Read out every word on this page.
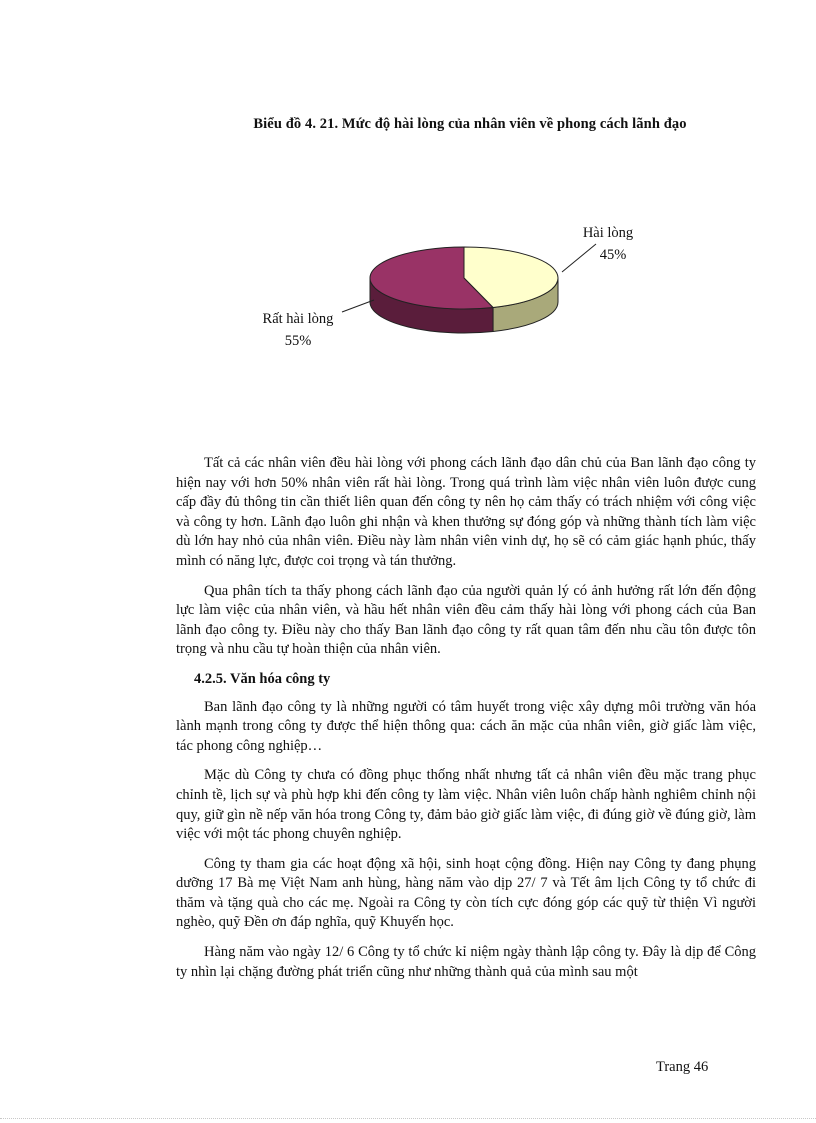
Biểu đồ 4. 21. Mức độ hài lòng của nhân viên về phong cách lãnh đạo
Hài lòng
45%
Rất hài lòng
55%

Tất cả các nhân viên đều hài lòng với phong cách lãnh đạo dân chủ của Ban lãnh đạo công ty hiện nay với hơn 50% nhân viên rất hài lòng. Trong quá trình làm việc nhân viên luôn được cung cấp đầy đủ thông tin cần thiết liên quan đến công ty nên họ cảm thấy có trách nhiệm với công việc và công ty hơn. Lãnh đạo luôn ghi nhận và khen thưởng sự đóng góp và những thành tích làm việc dù lớn hay nhỏ của nhân viên. Điều này làm nhân viên vinh dự, họ sẽ có cảm giác hạnh phúc, thấy mình có năng lực, được coi trọng và tán thưởng.

Qua phân tích ta thấy phong cách lãnh đạo của người quản lý có ảnh hưởng rất lớn đến động lực làm việc của nhân viên, và hầu hết nhân viên đều cảm thấy hài lòng với phong cách của Ban lãnh đạo công ty. Điều này cho thấy Ban lãnh đạo công ty rất quan tâm đến nhu cầu tôn được tôn trọng và nhu cầu tự hoàn thiện của nhân viên.

4.2.5. Văn hóa công ty

Ban lãnh đạo công ty là những người có tâm huyết trong việc xây dựng môi trường văn hóa lành mạnh trong công ty được thể hiện thông qua: cách ăn mặc của nhân viên, giờ giấc làm việc, tác phong công nghiệp…

Mặc dù Công ty chưa có đồng phục thống nhất nhưng tất cả nhân viên đều mặc trang phục chỉnh tề, lịch sự và phù hợp khi đến công ty làm việc. Nhân viên luôn chấp hành nghiêm chỉnh nội quy, giữ gìn nề nếp văn hóa trong Công ty, đảm bảo giờ giấc làm việc, đi đúng giờ về đúng giờ, làm việc với một tác phong chuyên nghiệp.

Công ty tham gia các hoạt động xã hội, sinh hoạt cộng đồng. Hiện nay Công ty đang phụng dưỡng 17 Bà mẹ Việt Nam anh hùng, hàng năm vào dịp 27/ 7 và Tết âm lịch Công ty tổ chức đi thăm và tặng quà cho các mẹ. Ngoài ra Công ty còn tích cực đóng góp các quỹ từ thiện Vì người nghèo, quỹ Đền ơn đáp nghĩa, quỹ Khuyến học.

Hàng năm vào ngày 12/ 6 Công ty tổ chức kỉ niệm ngày thành lập công ty. Đây là dịp để Công ty nhìn lại chặng đường phát triển cũng như những thành quả của mình sau một

Trang 46
